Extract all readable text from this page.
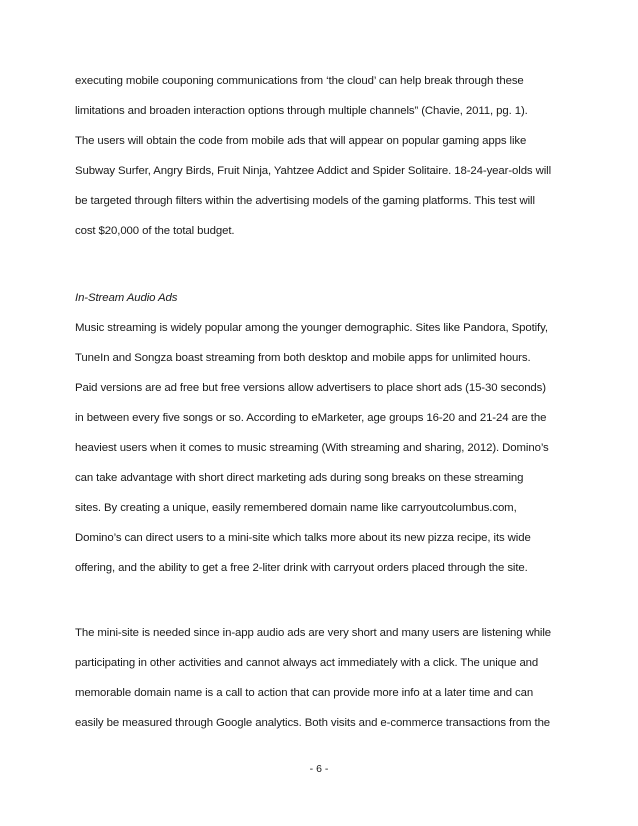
executing mobile couponing communications from ‘the cloud’ can help break through these
limitations and broaden interaction options through multiple channels” (Chavie, 2011, pg. 1).
The users will obtain the code from mobile ads that will appear on popular gaming apps like
Subway Surfer, Angry Birds, Fruit Ninja, Yahtzee Addict and Spider Solitaire. 18-24-year-olds will
be targeted through filters within the advertising models of the gaming platforms. This test will
cost $20,000 of the total budget.
In-Stream Audio Ads
Music streaming is widely popular among the younger demographic. Sites like Pandora, Spotify,
TuneIn and Songza boast streaming from both desktop and mobile apps for unlimited hours.
Paid versions are ad free but free versions allow advertisers to place short ads (15-30 seconds)
in between every five songs or so. According to eMarketer, age groups 16-20 and 21-24 are the
heaviest users when it comes to music streaming (With streaming and sharing, 2012). Domino’s
can take advantage with short direct marketing ads during song breaks on these streaming
sites. By creating a unique, easily remembered domain name like carryoutcolumbus.com,
Domino’s can direct users to a mini-site which talks more about its new pizza recipe, its wide
offering, and the ability to get a free 2-liter drink with carryout orders placed through the site.
The mini-site is needed since in-app audio ads are very short and many users are listening while
participating in other activities and cannot always act immediately with a click. The unique and
memorable domain name is a call to action that can provide more info at a later time and can
easily be measured through Google analytics. Both visits and e-commerce transactions from the
- 6 -
